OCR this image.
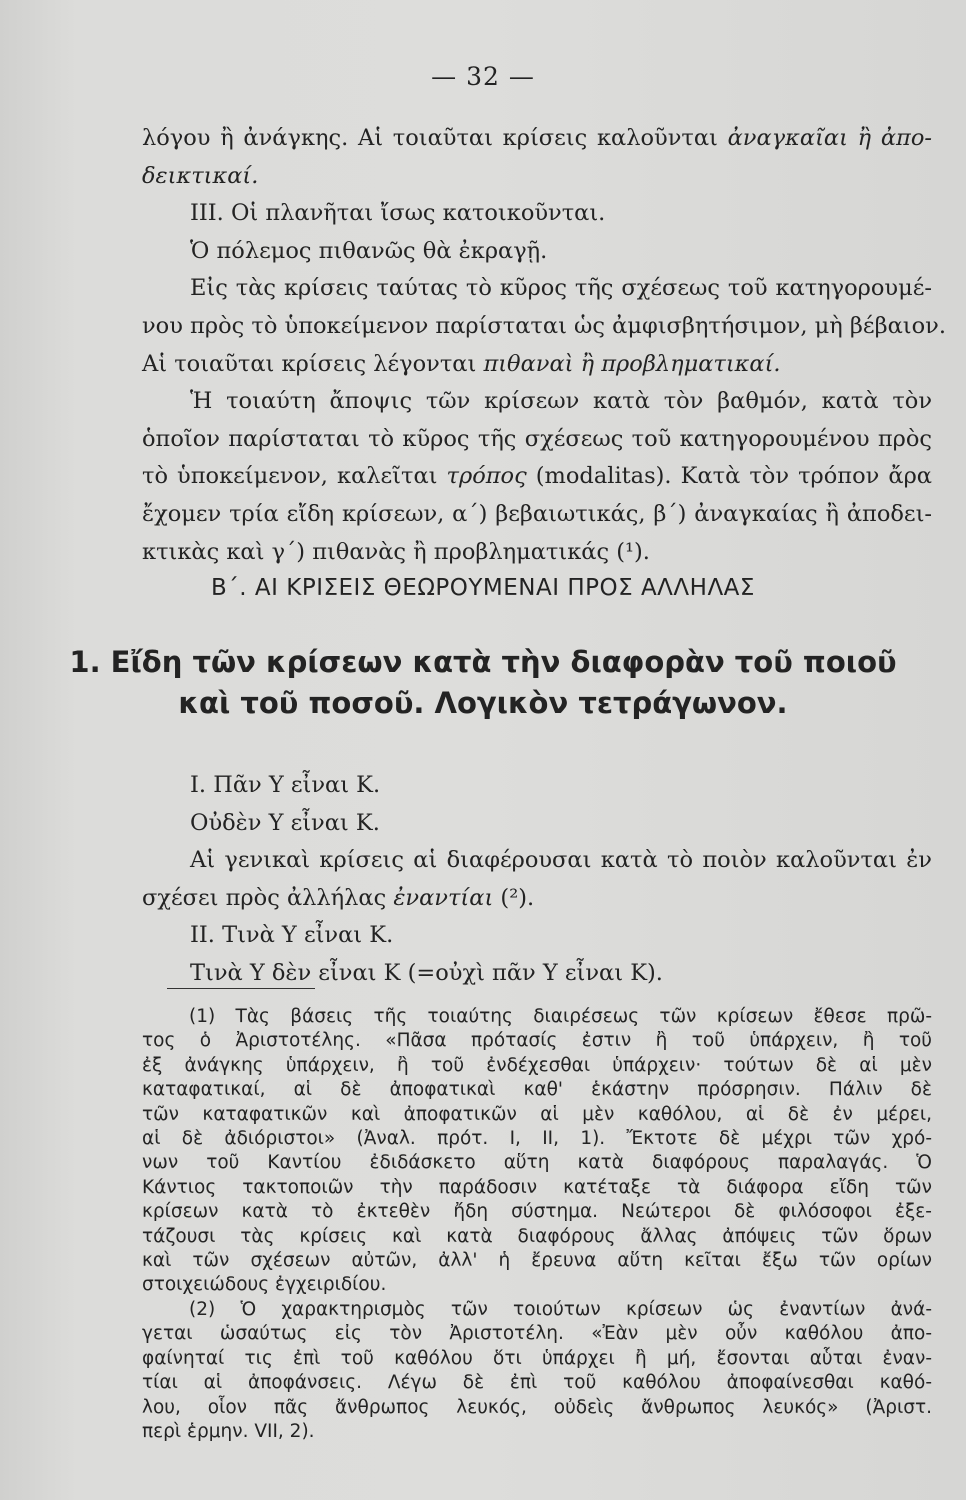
— 32 —
λόγου ἢ ἀνάγκης. Αἱ τοιαῦται κρίσεις καλοῦνται ἀναγκαῖαι ἢ ἀπο-
δεικτικαί.
III. Οἱ πλανῆται ἴσως κατοικοῦνται.
Ὁ πόλεμος πιθανῶς θὰ ἐκραγῇ.
Εἰς τὰς κρίσεις ταύτας τὸ κῦρος τῆς σχέσεως τοῦ κατηγορουμέ-
νου πρὸς τὸ ὑποκείμενον παρίσταται ὡς ἀμφισβητήσιμον, μὴ βέβαιον.
Αἱ τοιαῦται κρίσεις λέγονται πιθαναὶ ἢ προβληματικαί.
Ἡ τοιαύτη ἄποψις τῶν κρίσεων κατὰ τὸν βαθμόν, κατὰ τὸν
ὁποῖον παρίσταται τὸ κῦρος τῆς σχέσεως τοῦ κατηγορουμένου πρὸς
τὸ ὑποκείμενον, καλεῖται τρόπος (modalitas). Κατὰ τὸν τρόπον ἄρα
ἔχομεν τρία εἴδη κρίσεων, α΄) βεβαιωτικάς, β΄) ἀναγκαίας ἢ ἀποδει-
κτικὰς καὶ γ΄) πιθανὰς ἢ προβληματικάς (¹).
Β΄. ΑΙ ΚΡΙΣΕΙΣ ΘΕΩΡΟΥΜΕΝΑΙ ΠΡΟΣ ΑΛΛΗΛΑΣ
1. Εἴδη τῶν κρίσεων κατὰ τὴν διαφορὰν τοῦ ποιοῦ
καὶ τοῦ ποσοῦ. Λογικὸν τετράγωνον.
I. Πᾶν Υ εἶναι Κ.
Οὐδὲν Υ εἶναι Κ.
Αἱ γενικαὶ κρίσεις αἱ διαφέρουσαι κατὰ τὸ ποιὸν καλοῦνται ἐν
σχέσει πρὸς ἀλλήλας ἐναντίαι (²).
II. Τινὰ Υ εἶναι Κ.
Τινὰ Υ δὲν εἶναι Κ (=οὐχὶ πᾶν Υ εἶναι Κ).
(1) Τὰς βάσεις τῆς τοιαύτης διαιρέσεως τῶν κρίσεων ἔθεσε πρῶ-
τος ὁ Ἀριστοτέλης. «Πᾶσα πρότασίς ἐστιν ἢ τοῦ ὑπάρχειν, ἢ τοῦ
ἐξ ἀνάγκης ὑπάρχειν, ἢ τοῦ ἐνδέχεσθαι ὑπάρχειν· τούτων δὲ αἱ μὲν
καταφατικαί, αἱ δὲ ἀποφατικαὶ καθ' ἑκάστην πρόσρησιν. Πάλιν δὲ
τῶν καταφατικῶν καὶ ἀποφατικῶν αἱ μὲν καθόλου, αἱ δὲ ἐν μέρει,
αἱ δὲ ἀδιόριστοι» (Ἀναλ. πρότ. I, II, 1). Ἔκτοτε δὲ μέχρι τῶν χρό-
νων τοῦ Καντίου ἐδιδάσκετο αὕτη κατὰ διαφόρους παραλαγάς. Ὁ
Κάντιος τακτοποιῶν τὴν παράδοσιν κατέταξε τὰ διάφορα εἴδη τῶν
κρίσεων κατὰ τὸ ἐκτεθὲν ἤδη σύστημα. Νεώτεροι δὲ φιλόσοφοι ἐξε-
τάζουσι τὰς κρίσεις καὶ κατὰ διαφόρους ἄλλας ἀπόψεις τῶν ὅρων
καὶ τῶν σχέσεων αὐτῶν, ἀλλ' ἡ ἔρευνα αὕτη κεῖται ἔξω τῶν ορίων
στοιχειώδους ἐγχειριδίου.
(2) Ὁ χαρακτηρισμὸς τῶν τοιούτων κρίσεων ὡς ἐναντίων ἀνά-
γεται ὡσαύτως εἰς τὸν Ἀριστοτέλη. «Ἐὰν μὲν οὖν καθόλου ἀπο-
φαίνηταί τις ἐπὶ τοῦ καθόλου ὅτι ὑπάρχει ἢ μή, ἔσονται αὗται ἐναν-
τίαι αἱ ἀποφάνσεις. Λέγω δὲ ἐπὶ τοῦ καθόλου ἀποφαίνεσθαι καθό-
λου, οἷον πᾶς ἄνθρωπος λευκός, οὐδεὶς ἄνθρωπος λευκός» (Ἀριστ.
περὶ ἑρμην. VII, 2).
